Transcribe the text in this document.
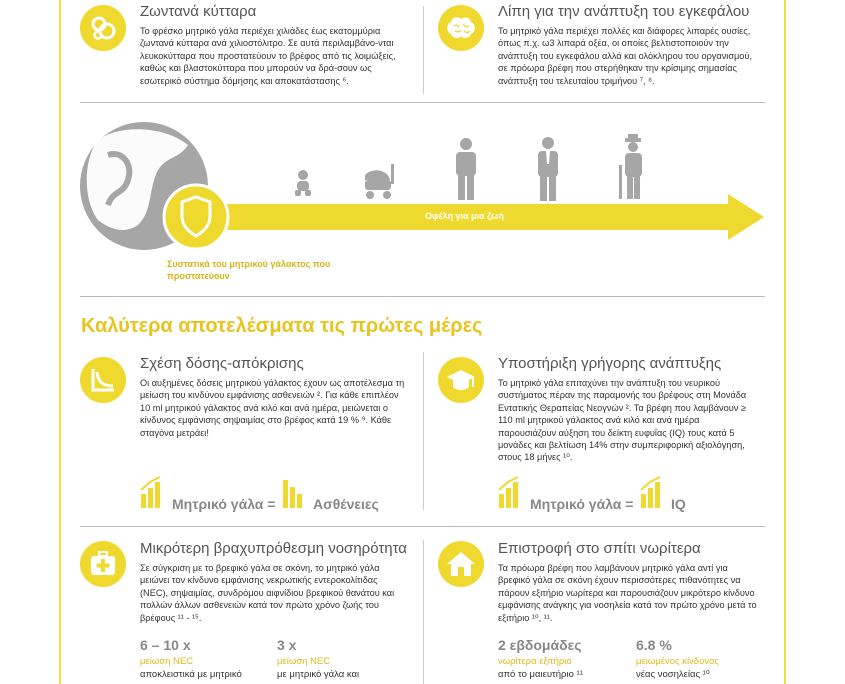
Ζωντανά κύτταρα
Το φρέσκο μητρικό γάλα περιέχει χιλιάδες έως εκατομμύρια ζωντανά κύτταρα ανά χιλιοστόλιτρο. Σε αυτά περιλαμβάνο-νται λευκοκύτταρα που προστατεύουν το βρέφος από τις λοιμώξεις, καθώς και βλαστοκύτταρα που μπορούν να δρά-σουν ως εσωτερικό σύστημα δόμησης και αποκατάστασης ⁶.
Λίπη για την ανάπτυξη του εγκεφάλου
Το μητρικό γάλα περιέχει πολλές και διάφορες λιπαρές ουσίες, όπως π.χ. ω3 λιπαρά οξέα, οι οποίες βελτιστοποιούν την ανάπτυξη του εγκεφάλου αλλά και ολόκληρου του οργανισμού, σε πρόωρα βρέφη που στερήθηκαν την κρίσιμης σημασίας ανάπτυξη του τελευταίου τριμήνου ⁷, ⁸.
Οφέλη για μια ζωή
Συστατικά του μητρικού γάλακτος που προστατεύουν
Καλύτερα αποτελέσματα τις πρώτες μέρες
Σχέση δόσης-απόκρισης
Οι αυξημένες δόσεις μητρικού γάλακτος έχουν ως αποτέλεσμα τη μείωση του κινδύνου εμφάνισης ασθενειών ². Για κάθε επιπλέον 10 ml μητρικού γάλακτος ανά κιλό και ανά ημέρα, μειώνεται ο κίνδυνος εμφάνισης σηψαιμίας στο βρέφος κατά 19 % ⁹. Κάθε σταγόνα μετράει!
Μητρικό γάλα =	Ασθένειες
Υποστήριξη γρήγορης ανάπτυξης
Το μητρικό γάλα επιταχύνει την ανάπτυξη του νευρικού συστήματος πέραν της παραμονής του βρέφους στη Μονάδα Εντατικής Θεραπείας Νεογνών ². Τα βρέφη που λαμβάνουν ≥ 110 ml μητρικού γάλακτος ανά κιλό και ανά ημέρα παρουσιάζουν αύξηση του δείκτη ευφυΐας (IQ) τους κατά 5 μονάδες και βελτίωση 14% στην συμπεριφορική αξιολόγηση, στους 18 μήνες ¹⁰.
Μητρικό γάλα =	IQ
Μικρότερη βραχυπρόθεσμη νοσηρότητα
Σε σύγκριση με το βρεφικό γάλα σε σκόνη, το μητρικό γάλα μειώνει τον κίνδυνο εμφάνισης νεκρωτικής εντεροκολίτιδας (NEC), σηψαιμίας, συνδρόμου αιφνίδιου βρεφικού θανάτου και πολλών άλλων ασθενειών κατά τον πρώτο χρόνο ζωής του βρέφους ¹¹ - ¹⁵.
6 – 10 x
μείωση NEC
αποκλειστικά με μητρικό
3 x
μείωση NEC
με μητρικό γάλα και
Επιστροφή στο σπίτι νωρίτερα
Τα πρόωρα βρέφη που λαμβάνουν μητρικό γάλα αντί για βρεφικό γάλα σε σκόνη έχουν περισσότερες πιθανότητες να πάρουν εξιτήριο νωρίτερα και παρουσιάζουν μικρότερο κίνδυνο εμφάνισης ανάγκης για νοσηλεία κατά τον πρώτο χρόνο μετά το εξιτήριο ¹⁰, ¹¹.
2 εβδομάδες
νωρίτερα εξιτήριο
από το μαιευτήριο ¹¹
6.8 %
μειωμένος κίνδυνος
νέας νοσηλείας ¹⁰
